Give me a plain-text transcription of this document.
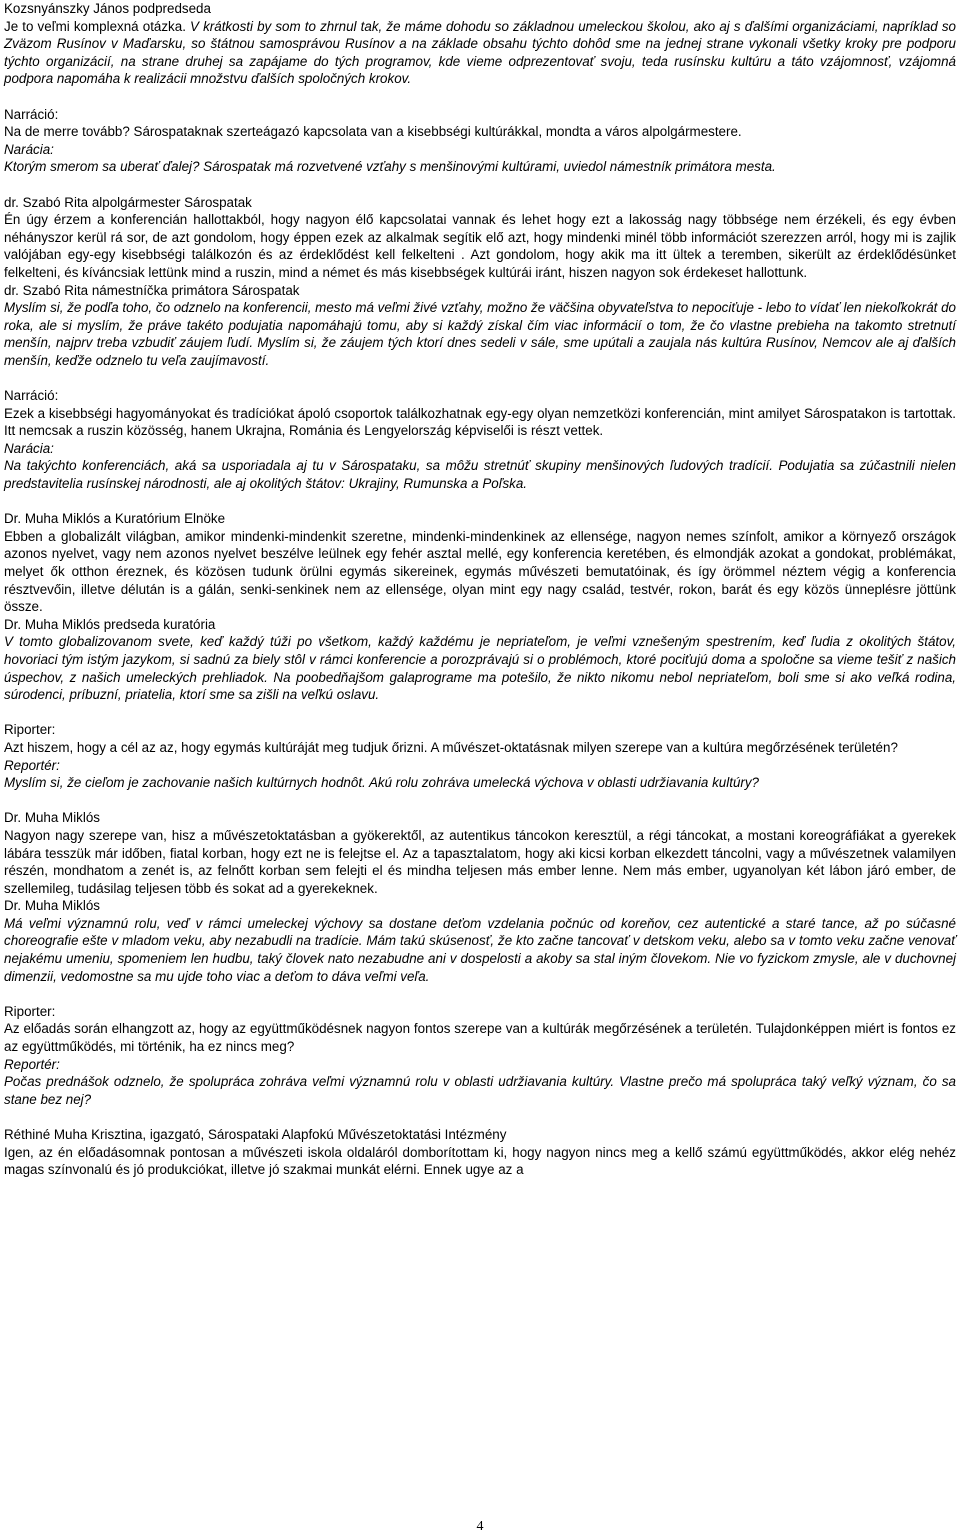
Kozsnyánszky János podpredseda

Je to veľmi komplexná otázka. V krátkosti by som to zhrnul tak, že máme dohodu so základnou umeleckou školou, ako aj s ďalšími organizáciami, napríklad so Zväzom Rusínov v Maďarsku, so štátnou samosprávou Rusínov a na základe obsahu týchto dohôd sme na jednej strane vykonali všetky kroky pre podporu týchto organizácií, na strane druhej sa zapájame do tých programov, kde vieme odprezentovať svoju, teda rusínsku kultúru a táto vzájomnosť, vzájomná podpora napomáha k realizácii množstvu ďalších spoločných krokov.

Narráció:

Na de merre tovább? Sárospataknak szerteágazó kapcsolata van a kisebbségi kultúrákkal, mondta a város alpolgármestere.

Narácia:

Ktorým smerom sa uberať ďalej? Sárospatak má rozvetvené vzťahy s menšinovými kultúrami, uviedol námestník primátora mesta.

dr. Szabó Rita alpolgármester Sárospatak

Én úgy érzem a konferencián hallottakból, hogy nagyon élő kapcsolatai vannak és lehet hogy ezt a lakosság nagy többsége nem érzékeli, és egy évben néhányszor kerül rá sor, de azt gondolom, hogy éppen ezek az alkalmak segítik elő azt, hogy mindenki minél több információt szerezzen arról, hogy mi is zajlik valójában egy-egy kisebbségi találkozón és az érdeklődést kell felkelteni . Azt gondolom, hogy akik ma itt ültek a teremben, sikerült az érdeklődésünket felkelteni, és kíváncsiak lettünk mind a ruszin, mind a német és más kisebbségek kultúrái iránt, hiszen nagyon sok érdekeset hallottunk.

dr. Szabó Rita námestníčka primátora Sárospatak

Myslím si, že podľa toho, čo odznelo na konferencii, mesto má veľmi živé vzťahy, možno že väčšina obyvateľstva to nepociťuje - lebo to vídať len niekoľkokrát do roka, ale si myslím, že práve takéto podujatia napomáhajú tomu, aby si každý získal čím viac informácií o tom, že čo vlastne prebieha na takomto stretnutí menšín, najprv treba vzbudiť záujem ľudí. Myslím si, že záujem tých ktorí dnes sedeli v sále, sme upútali a zaujala nás kultúra Rusínov, Nemcov ale aj ďalších menšín, keďže odznelo tu veľa zaujímavostí.

Narráció:

Ezek a kisebbségi hagyományokat és tradíciókat ápoló csoportok találkozhatnak egy-egy olyan nemzetközi konferencián, mint amilyet Sárospatakon is tartottak. Itt nemcsak a ruszin közösség, hanem Ukrajna, Románia és Lengyelország képviselői is részt vettek.

Narácia:

Na takýchto konferenciách, aká sa usporiadala aj tu v Sárospataku, sa môžu stretnúť skupiny menšinových ľudových tradícií. Podujatia sa zúčastnili nielen predstavitelia rusínskej národnosti, ale aj okolitých štátov: Ukrajiny, Rumunska a Poľska.

Dr. Muha Miklós a Kuratórium Elnöke

Ebben a globalizált világban, amikor mindenki-mindenkit szeretne, mindenki-mindenkinek az ellensége, nagyon nemes színfolt, amikor a környező országok azonos nyelvet, vagy nem azonos nyelvet beszélve leülnek egy fehér asztal mellé, egy konferencia keretében, és elmondják azokat a gondokat, problémákat, melyet ők otthon éreznek, és közösen tudunk örülni egymás sikereinek, egymás művészeti bemutatóinak, és így örömmel néztem végig a konferencia résztvevőin, illetve délután is a gálán, senki-senkinek nem az ellensége, olyan mint egy nagy család, testvér, rokon, barát és egy közös ünneplésre jöttünk össze.

Dr. Muha Miklós predseda kuratória

V tomto globalizovanom svete, keď každý túži po všetkom, každý každému je nepriateľom, je veľmi vznešeným spestrením, keď ľudia z okolitých štátov, hovoriaci tým istým jazykom, si sadnú za biely stôl v rámci konferencie a porozprávajú si o problémoch, ktoré pociťujú doma a spoločne sa vieme tešiť z našich úspechov, z našich umeleckých prehliadok. Na poobedňajšom galaprograme ma potešilo, že nikto nikomu nebol nepriateľom, boli sme si ako veľká rodina, súrodenci, príbuzní, priatelia, ktorí sme sa zišli na veľkú oslavu.

Riporter:

Azt hiszem, hogy a cél az az, hogy egymás kultúráját meg tudjuk őrizni. A művészet-oktatásnak milyen szerepe van a kultúra megőrzésének területén?

Reportér:

Myslím si, že cieľom je zachovanie našich kultúrnych hodnôt. Akú rolu zohráva umelecká výchova v oblasti udržiavania kultúry?

Dr. Muha Miklós

Nagyon nagy szerepe van, hisz a művészetoktatásban a gyökerektől, az autentikus táncokon keresztül, a régi táncokat, a mostani koreográfiákat a gyerekek lábára tesszük már időben, fiatal korban, hogy ezt ne is felejtse el. Az a tapasztalatom, hogy aki kicsi korban elkezdett táncolni, vagy a művészetnek valamilyen részén, mondhatom a zenét is, az felnőtt korban sem felejti el és mindha teljesen más ember lenne. Nem más ember, ugyanolyan két lábon járó ember, de szellemileg, tudásilag teljesen több és sokat ad a gyerekeknek.

Dr. Muha Miklós

Má veľmi významnú rolu, veď v rámci umeleckej výchovy sa dostane deťom vzdelania počnúc od koreňov, cez autentické a staré tance, až po súčasné choreografie ešte v mladom veku, aby nezabudli na tradície. Mám takú skúsenosť, že kto začne tancovať v detskom veku, alebo sa v tomto veku začne venovať nejakému umeniu, spomeniem len hudbu, taký človek nato nezabudne ani v dospelosti a akoby sa stal iným človekom. Nie vo fyzickom zmysle, ale v duchovnej dimenzii, vedomostne sa mu ujde toho viac a deťom to dáva veľmi veľa.

Riporter:

Az előadás során elhangzott az, hogy az együttműködésnek nagyon fontos szerepe van a kultúrák megőrzésének a területén. Tulajdonképpen miért is fontos ez az együttműködés, mi történik, ha ez nincs meg?

Reportér:

Počas prednášok odznelo, že spolupráca zohráva veľmi významnú rolu v oblasti udržiavania kultúry. Vlastne prečo má spolupráca taký veľký význam, čo sa stane bez nej?

Réthiné Muha Krisztina, igazgató, Sárospataki Alapfokú Művészetoktatási Intézmény

Igen, az én előadásomnak pontosan a művészeti iskola oldaláról domborítottam ki, hogy nagyon nincs meg a kellő számú együttműködés, akkor elég nehéz magas színvonalú és jó produkciókat, illetve jó szakmai munkát elérni. Ennek ugye az a

4
